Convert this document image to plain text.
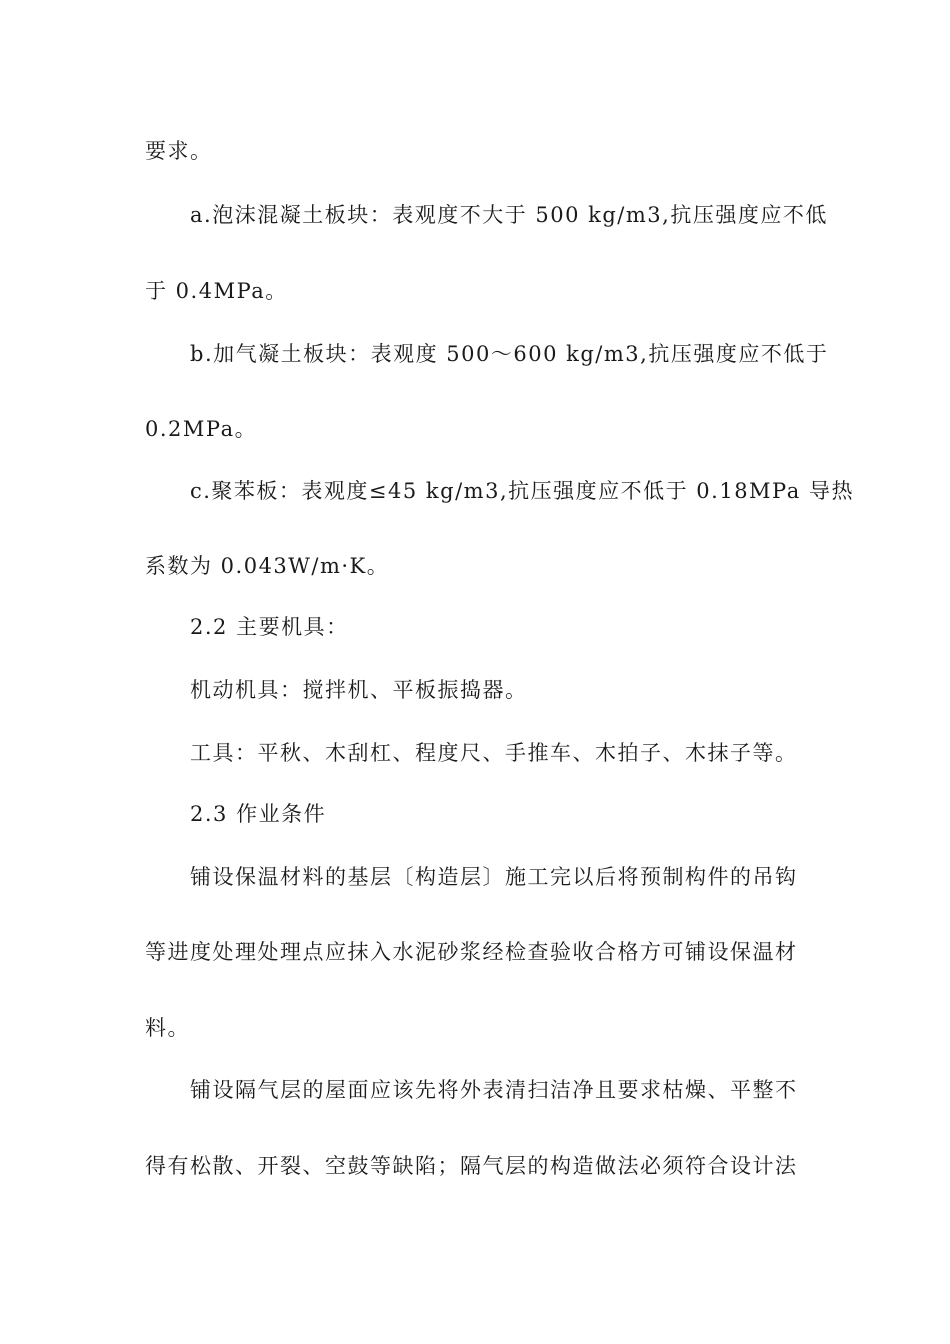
要求。
a.泡沫混凝土板块：表观度不大于 500 kg/m3,抗压强度应不低
于 0.4MPa。
b.加气凝土板块：表观度 500～600 kg/m3,抗压强度应不低于
0.2MPa。
c.聚苯板：表观度≤45 kg/m3,抗压强度应不低于 0.18MPa 导热
系数为 0.043W/m·K。
2.2 主要机具：
机动机具：搅拌机、平板振捣器。
工具：平秋、木刮杠、程度尺、手推车、木拍子、木抹子等。
2.3 作业条件
铺设保温材料的基层〔构造层〕施工完以后将预制构件的吊钩
等进度处理处理点应抹入水泥砂浆经检查验收合格方可铺设保温材
料。
铺设隔气层的屋面应该先将外表清扫洁净且要求枯燥、平整不
得有松散、开裂、空鼓等缺陷；隔气层的构造做法必须符合设计法
